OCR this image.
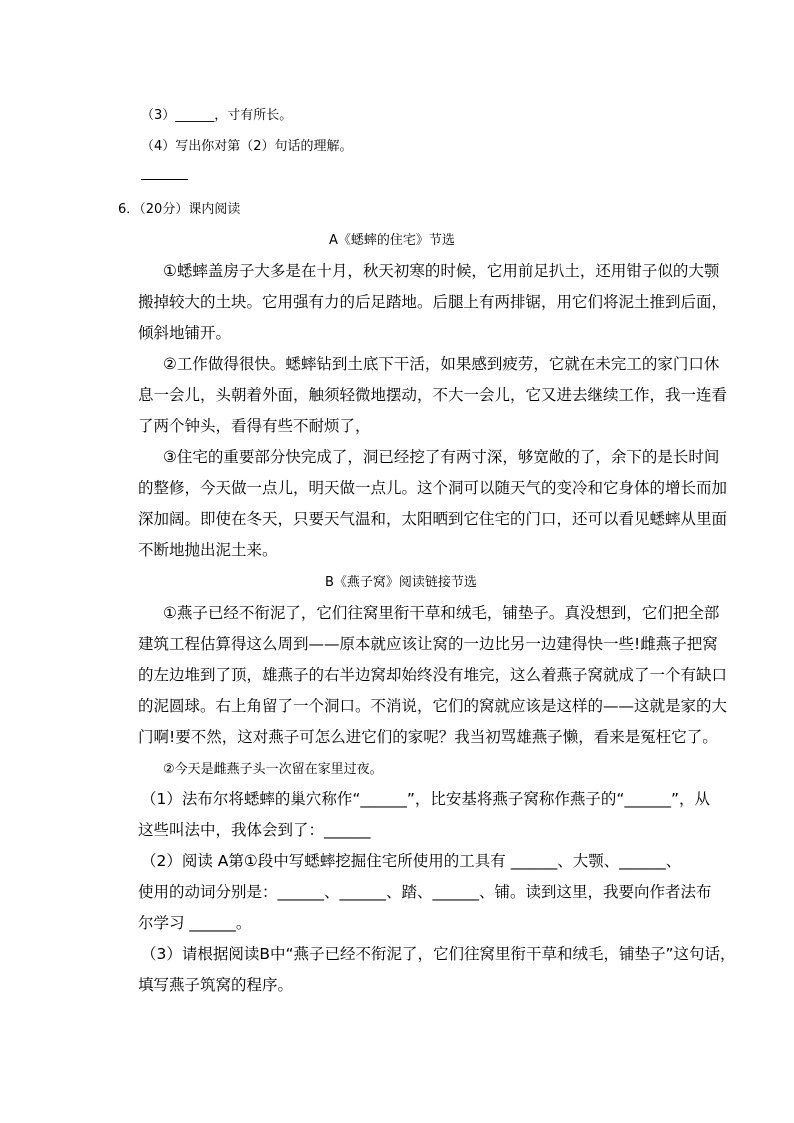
（3）______，寸有所长。
（4）写出你对第（2）句话的理解。
6．（20分）课内阅读
A《蟋蟀的住宅》节选
①蟋蟀盖房子大多是在十月，秋天初寒的时候，它用前足扒土，还用钳子似的大颚
搬掉较大的土块。它用强有力的后足踏地。后腿上有两排锯，用它们将泥土推到后面，
倾斜地铺开。
②工作做得很快。蟋蟀钻到土底下干活，如果感到疲劳，它就在未完工的家门口休
息一会儿，头朝着外面，触须轻微地摆动，不大一会儿，它又进去继续工作，我一连看
了两个钟头，看得有些不耐烦了，
③住宅的重要部分快完成了，洞已经挖了有两寸深，够宽敞的了，余下的是长时间
的整修，今天做一点儿，明天做一点儿。这个洞可以随天气的变冷和它身体的增长而加
深加阔。即使在冬天，只要天气温和，太阳晒到它住宅的门口，还可以看见蟋蟀从里面
不断地抛出泥土来。
B《燕子窝》阅读链接节选
①燕子已经不衔泥了，它们往窝里衔干草和绒毛，铺垫子。真没想到，它们把全部
建筑工程估算得这么周到——原本就应该让窝的一边比另一边建得快一些!雌燕子把窝
的左边堆到了顶，雄燕子的右半边窝却始终没有堆完，这么着燕子窝就成了一个有缺口
的泥圆球。右上角留了一个洞口。不消说，它们的窝就应该是这样的——这就是家的大
门啊!要不然，这对燕子可怎么进它们的家呢？我当初骂雄燕子懒，看来是冤枉它了。
②今天是雌燕子头一次留在家里过夜。
（1）法布尔将蟋蟀的巢穴称作“______”，比安基将燕子窝称作燕子的“______”，从
这些叫法中，我体会到了：______
（2）阅读 A第①段中写蟋蟀挖掘住宅所使用的工具有 ______、大颚、______、
使用的动词分别是：______、______、踏、______、铺。读到这里，我要向作者法布
尔学习 ______。
（3）请根据阅读B中“燕子已经不衔泥了，它们往窝里衔干草和绒毛，铺垫子”这句话，
填写燕子筑窝的程序。
